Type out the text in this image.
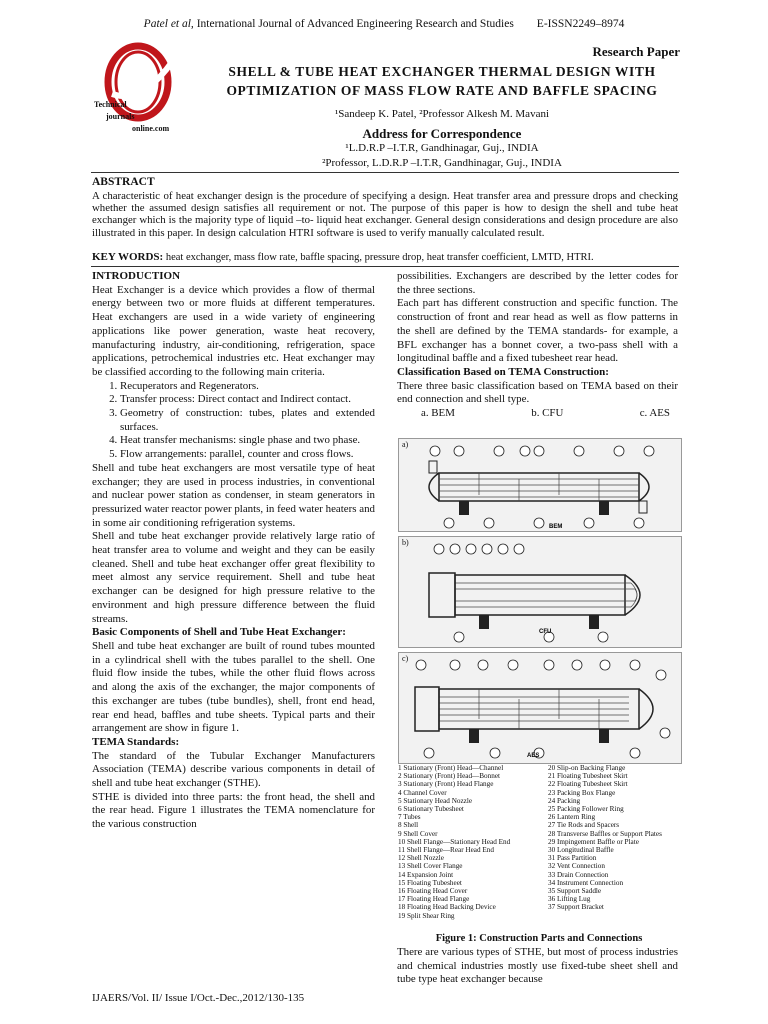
Patel et al, International Journal of Advanced Engineering Research and Studies E-ISSN2249–8974
Technical
journals
online.com
Research Paper
SHELL & TUBE HEAT EXCHANGER THERMAL DESIGN WITH OPTIMIZATION OF MASS FLOW RATE AND BAFFLE SPACING
¹Sandeep K. Patel, ²Professor Alkesh M. Mavani
Address for Correspondence
¹L.D.R.P –I.T.R, Gandhinagar, Guj., INDIA
²Professor, L.D.R.P –I.T.R, Gandhinagar, Guj., INDIA
ABSTRACT
A characteristic of heat exchanger design is the procedure of specifying a design. Heat transfer area and pressure drops and checking whether the assumed design satisfies all requirement or not. The purpose of this paper is how to design the shell and tube heat exchanger which is the majority type of liquid –to- liquid heat exchanger. General design considerations and design procedure are also illustrated in this paper. In design calculation HTRI software is used to verify manually calculated result.
KEY WORDS: heat exchanger, mass flow rate, baffle spacing, pressure drop, heat transfer coefficient, LMTD, HTRI.
INTRODUCTION

Heat Exchanger is a device which provides a flow of thermal energy between two or more fluids at different temperatures. Heat exchangers are used in a wide variety of engineering applications like power generation, waste heat recovery, manufacturing industry, air-conditioning, refrigeration, space applications, petrochemical industries etc. Heat exchanger may be classified according to the following main criteria.

1. Recuperators and Regenerators.
2. Transfer process: Direct contact and Indirect contact.
3. Geometry of construction: tubes, plates and extended surfaces.
4. Heat transfer mechanisms: single phase and two phase.
5. Flow arrangements: parallel, counter and cross flows.

Shell and tube heat exchangers are most versatile type of heat exchanger; they are used in process industries, in conventional and nuclear power station as condenser, in steam generators in pressurized water reactor power plants, in feed water heaters and in some air conditioning refrigeration systems.

Shell and tube heat exchanger provide relatively large ratio of heat transfer area to volume and weight and they can be easily cleaned. Shell and tube heat exchanger offer great flexibility to meet almost any service requirement. Shell and tube heat exchanger can be designed for high pressure relative to the environment and high pressure difference between the fluid streams.

Basic Components of Shell and Tube Heat Exchanger:

Shell and tube heat exchanger are built of round tubes mounted in a cylindrical shell with the tubes parallel to the shell. One fluid flow inside the tubes, while the other fluid flows across and along the axis of the exchanger, the major components of this exchanger are tubes (tube bundles), shell, front end head, rear end head, baffles and tube sheets. Typical parts and their arrangement are show in figure 1.

TEMA Standards:

The standard of the Tubular Exchanger Manufacturers Association (TEMA) describe various components in detail of shell and tube heat exchanger (STHE).

STHE is divided into three parts: the front head, the shell and the rear head. Figure 1 illustrates the TEMA nomenclature for the various construction

possibilities. Exchangers are described by the letter codes for the three sections.

Each part has different construction and specific function. The construction of front and rear head as well as flow patterns in the shell are defined by the TEMA standards- for example, a BFL exchanger has a bonnet cover, a two-pass shell with a longitudinal baffle and a fixed tubesheet rear head.

Classification Based on TEMA Construction:

There three basic classification based on TEMA based on their end connection and shell type.

a. BEM	b. CFU	c. AES
a)
BEM
b)
CFU
c)
AES
1 Stationary (Front) Head—Channel
2 Stationary (Front) Head—Bonnet
3 Stationary (Front) Head Flange
4 Channel Cover
5 Stationary Head Nozzle
6 Stationary Tubesheet
7 Tubes
8 Shell
9 Shell Cover
10 Shell Flange—Stationary Head End
11 Shell Flange—Rear Head End
12 Shell Nozzle
13 Shell Cover Flange
14 Expansion Joint
15 Floating Tubesheet
16 Floating Head Cover
17 Floating Head Flange
18 Floating Head Backing Device
19 Split Shear Ring
20 Slip-on Backing Flange
21 Floating Tubesheet Skirt
22 Floating Tubesheet Skirt
23 Packing Box Flange
24 Packing
25 Packing Follower Ring
26 Lantern Ring
27 Tie Rods and Spacers
28 Transverse Baffles or Support Plates
29 Impingement Baffle or Plate
30 Longitudinal Baffle
31 Pass Partition
32 Vent Connection
33 Drain Connection
34 Instrument Connection
35 Support Saddle
36 Lifting Lug
37 Support Bracket
Figure 1: Construction Parts and Connections
There are various types of STHE, but most of process industries and chemical industries mostly use fixed-tube sheet shell and tube type heat exchanger because
IJAERS/Vol. II/ Issue I/Oct.-Dec.,2012/130-135
